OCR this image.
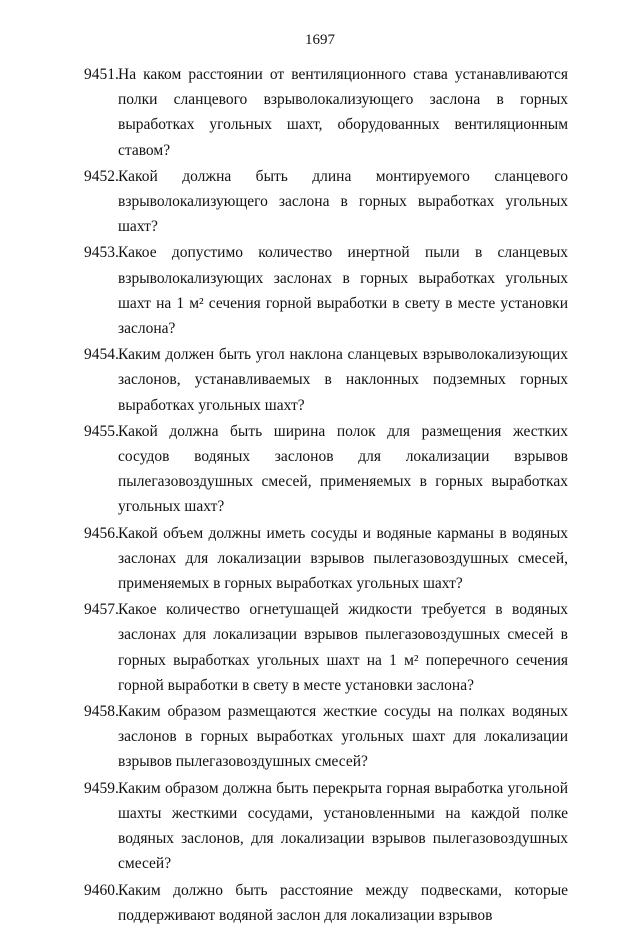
1697
9451. На каком расстоянии от вентиляционного става устанавливаются полки сланцевого взрыволокализующего заслона в горных выработках угольных шахт, оборудованных вентиляционным ставом?
9452. Какой должна быть длина монтируемого сланцевого взрыволокализующего заслона в горных выработках угольных шахт?
9453. Какое допустимо количество инертной пыли в сланцевых взрыволокализующих заслонах в горных выработках угольных шахт на 1 м² сечения горной выработки в свету в месте установки заслона?
9454. Каким должен быть угол наклона сланцевых взрыволокализующих заслонов, устанавливаемых в наклонных подземных горных выработках угольных шахт?
9455. Какой должна быть ширина полок для размещения жестких сосудов водяных заслонов для локализации взрывов пылегазовоздушных смесей, применяемых в горных выработках угольных шахт?
9456. Какой объем должны иметь сосуды и водяные карманы в водяных заслонах для локализации взрывов пылегазовоздушных смесей, применяемых в горных выработках угольных шахт?
9457. Какое количество огнетушащей жидкости требуется в водяных заслонах для локализации взрывов пылегазовоздушных смесей в горных выработках угольных шахт на 1 м² поперечного сечения горной выработки в свету в месте установки заслона?
9458. Каким образом размещаются жесткие сосуды на полках водяных заслонов в горных выработках угольных шахт для локализации взрывов пылегазовоздушных смесей?
9459. Каким образом должна быть перекрыта горная выработка угольной шахты жесткими сосудами, установленными на каждой полке водяных заслонов, для локализации взрывов пылегазовоздушных смесей?
9460. Каким должно быть расстояние между подвесками, которые поддерживают водяной заслон для локализации взрывов
